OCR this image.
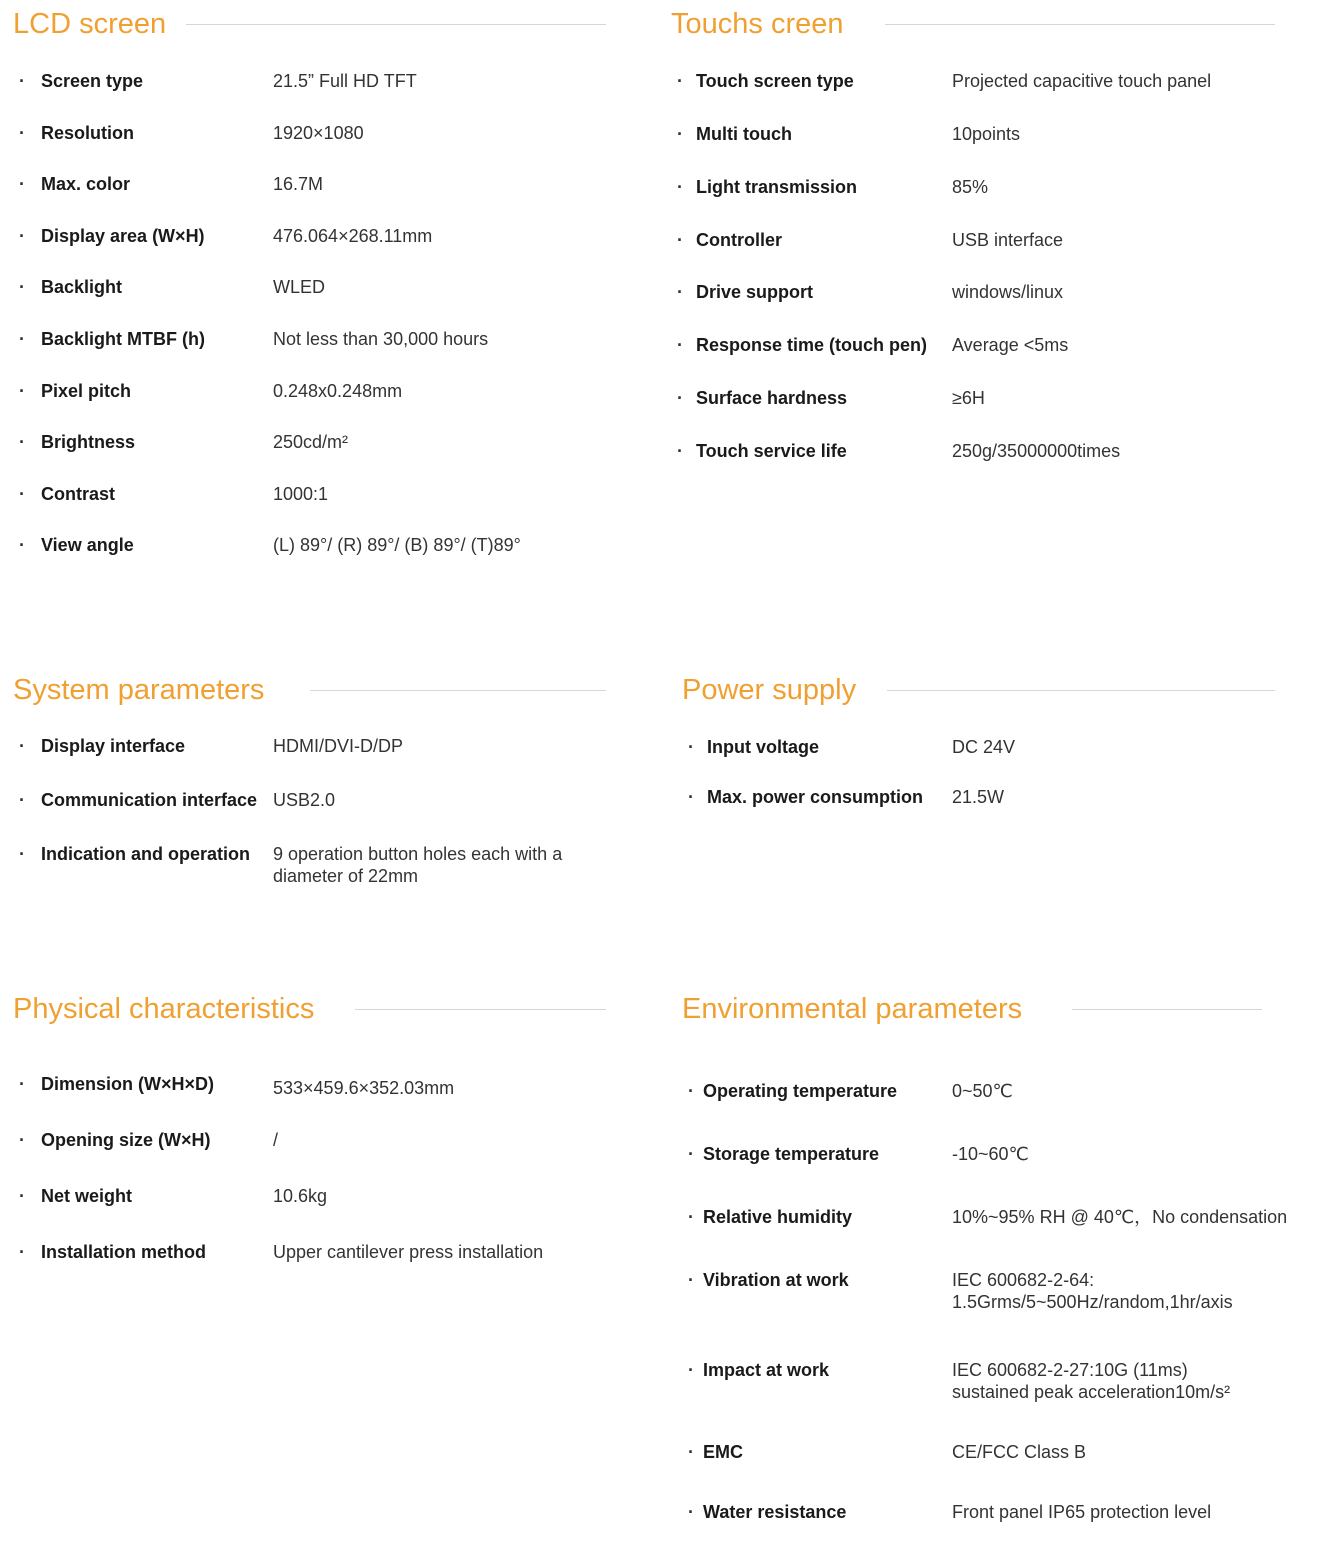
LCD screen
· Screen type	21.5” Full HD TFT
· Resolution	1920×1080
· Max. color	16.7M
· Display area (W×H)	476.064×268.11mm
· Backlight	WLED
· Backlight MTBF (h)	Not less than 30,000 hours
· Pixel pitch	0.248x0.248mm
· Brightness	250cd/m²
· Contrast	1000:1
· View angle	(L) 89°/ (R) 89°/ (B) 89°/ (T)89°
Touchs creen
· Touch screen type	Projected capacitive touch panel
· Multi touch	10points
· Light transmission	85%
· Controller	USB interface
· Drive support	windows/linux
· Response time (touch pen) Average <5ms
· Surface hardness	≥6H
· Touch service life	250g/35000000times
System parameters
· Display interface	HDMI/DVI-D/DP
· Communication interface USB2.0
· Indication and operation 9 operation button holes each with a
diameter of 22mm
Power supply
· Input voltage	DC 24V
· Max. power consumption 21.5W
Physical characteristics
· Dimension (W×H×D)	533×459.6×352.03mm
· Opening size (W×H)	/
· Net weight	10.6kg
· Installation method	Upper cantilever press installation
Environmental parameters
· Operating temperature	0~50℃
· Storage temperature	-10~60℃
· Relative humidity	10%~95% RH @ 40℃，No condensation
· Vibration at work	IEC 600682-2-64:
1.5Grms/5~500Hz/random,1hr/axis
· Impact at work	IEC 600682-2-27:10G (11ms)
sustained peak acceleration10m/s²
· EMC	CE/FCC Class B
· Water resistance	Front panel IP65 protection level
